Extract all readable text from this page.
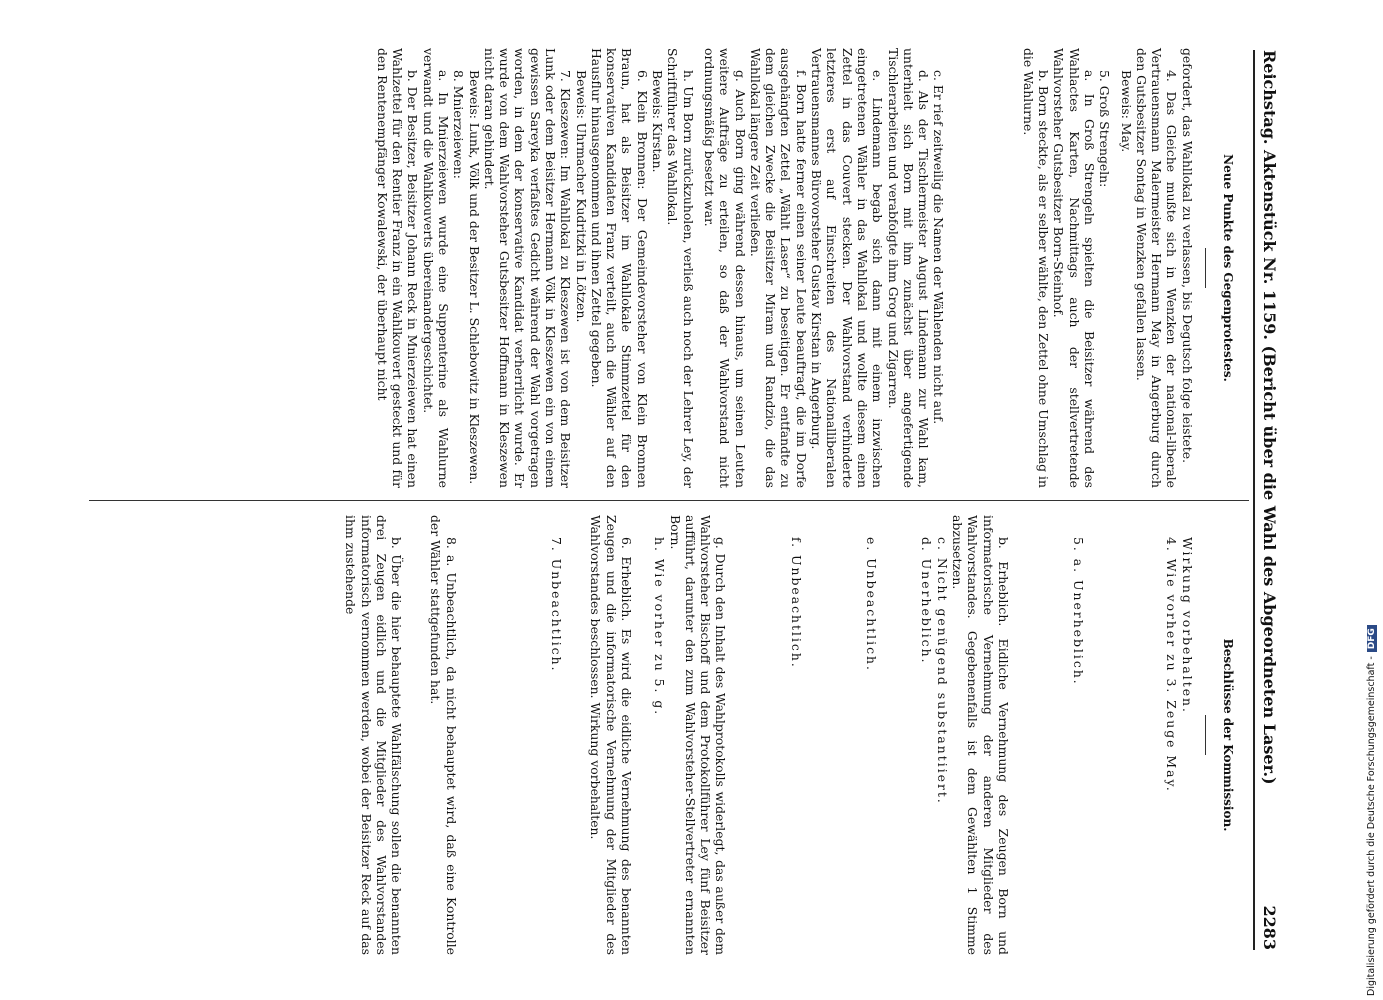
Reichstag. Aktenstück Nr. 1159. (Bericht über die Wahl des Abgeordneten Laser.)
2283
Neue Punkte des Gegenprotestes.

gefordert, das Wahllokal zu verlassen, bis Degutsch folge leistete.

4. Das Gleiche mußte sich in Wenzken der national-liberale Vertrauensmann Malermeister Hermann May in Angerburg durch den Gutsbesitzer Sontag in Wenzken gefallen lassen.

Beweis: May.

5. Groß Strengeln:

a. In Groß Strengeln spielten die Beisitzer während des Wahlactes Karten, Nachmittags auch der stellvertretende Wahlvorsteher Gutsbesitzer Born-Steinhof.

b. Born steckte, als er selber wählte, den Zettel ohne Umschlag in die Wahlurne.

c. Er rief zeitweilig die Namen der Wählenden nicht auf.

d. Als der Tischlermeister August Lindemann zur Wahl kam, unterhielt sich Born mit ihm zunächst über angefertigende Tischlerarbeiten und verabfolgte ihm Grog und Zigarren.

e. Lindemann begab sich dann mit einem inzwischen eingetretenen Wähler in das Wahllokal und wollte diesem einen Zettel in das Couvert stecken. Der Wahlvorstand verhinderte letzteres erst auf Einschreiten des Nationalliberalen Vertrauensmannes Bürovorsteher Gustav Kirstan in Angerburg.

f. Born hatte ferner einen seiner Leute beauftragt, die im Dorfe ausgehängten Zettel „Wählt Laser“ zu beseitigen. Er entfandte zu dem gleichen Zwecke die Beisitzer Miram und Randzio, die das Wahllokal längere Zeit verließen.

g. Auch Born ging während dessen hinaus, um seinen Leuten weitere Aufträge zu erteilen, so daß der Wahlvorstand nicht ordnungsmäßig besetzt war.

h. Um Born zurückzuholen, verließ auch noch der Lehrer Ley, der Schriftführer das Wahllokal.

Beweis: Kirstan.

6. Klein Bronnen: Der Gemeindevorsteher von Klein Bronnen Braun, hat als Beisitzer im Wahllokale Stimmzettel für den konservativen Kandidaten Franz verteilt, auch die Wähler auf den Hausflur hinausgenommen und ihnen Zettel gegeben.

Beweis: Uhrmacher Kudritzki in Lötzen.

7. Kleszewen: Im Wahllokal zu Kleszewen ist von dem Beisitzer Lunk oder dem Beisitzer Hermann Völk in Kleszewen ein von einem gewissen Sareyka verfaßtes Gedicht während der Wahl vorgetragen worden, in dem der konservative Kandidat verherrlicht wurde. Er wurde von dem Wahlvorsteher Gutsbesitzer Hoffmann in Kleszewen nicht daran gehindert.

Beweis: Lunk, Völk und der Besitzer L. Schlebowitz in Kleszewen.

8. Mnierzeiewen:

a. In Mnierzeiewen wurde eine Suppenterine als Wahlurne verwandt und die Wahlkouverts übereinandergeschichtet.

b. Der Besitzer, Beisitzer Johann Reck in Mnierzeiewen hat einen Wahlzettel für den Rentier Franz in ein Wahlkouvert gesteckt und für den Rentenempfänger Kowalewski, der überhaupt nicht

Beschlüsse der Kommission.

Wirkung vorbehalten.

4. Wie vorher zu 3. Zeuge May.

5. a. Unerheblich.

b. Erheblich. Eidliche Vernehmung des Zeugen Born und informatorische Vernehmung der anderen Mitglieder des Wahlvorstandes. Gegebenenfalls ist dem Gewählten 1 Stimme abzusetzen.

c. Nicht genügend substantiiert.

d. Unerheblich.

e. Unbeachtlich.

f. Unbeachtlich.

g. Durch den Inhalt des Wahlprotokolls widerlegt, das außer dem Wahlvorsteher Bischoff und dem Protokollführer Ley fünf Beisitzer aufführt, darunter den zum Wahlvorsteher-Stellvertreter ernannten Born.

h. Wie vorher zu 5. g.

6. Erheblich. Es wird die eidliche Vernehmung des benannten Zeugen und die informatorische Vernehmung der Mitglieder des Wahlvorstandes beschlossen. Wirkung vorbehalten.

7. Unbeachtlich.

8. a. Unbeachtlich, da nicht behauptet wird, daß eine Kontrolle der Wähler stattgefunden hat.

b. Über die hier behauptete Wahlfälschung sollen die benannten drei Zeugen eidlich und die Mitglieder des Wahlvorstandes informatorisch vernommen werden, wobei der Beisitzer Reck auf das ihm zustehende

Digitalisierung gefördert durch die Deutsche Forschungsgemeinschaft -DFG
